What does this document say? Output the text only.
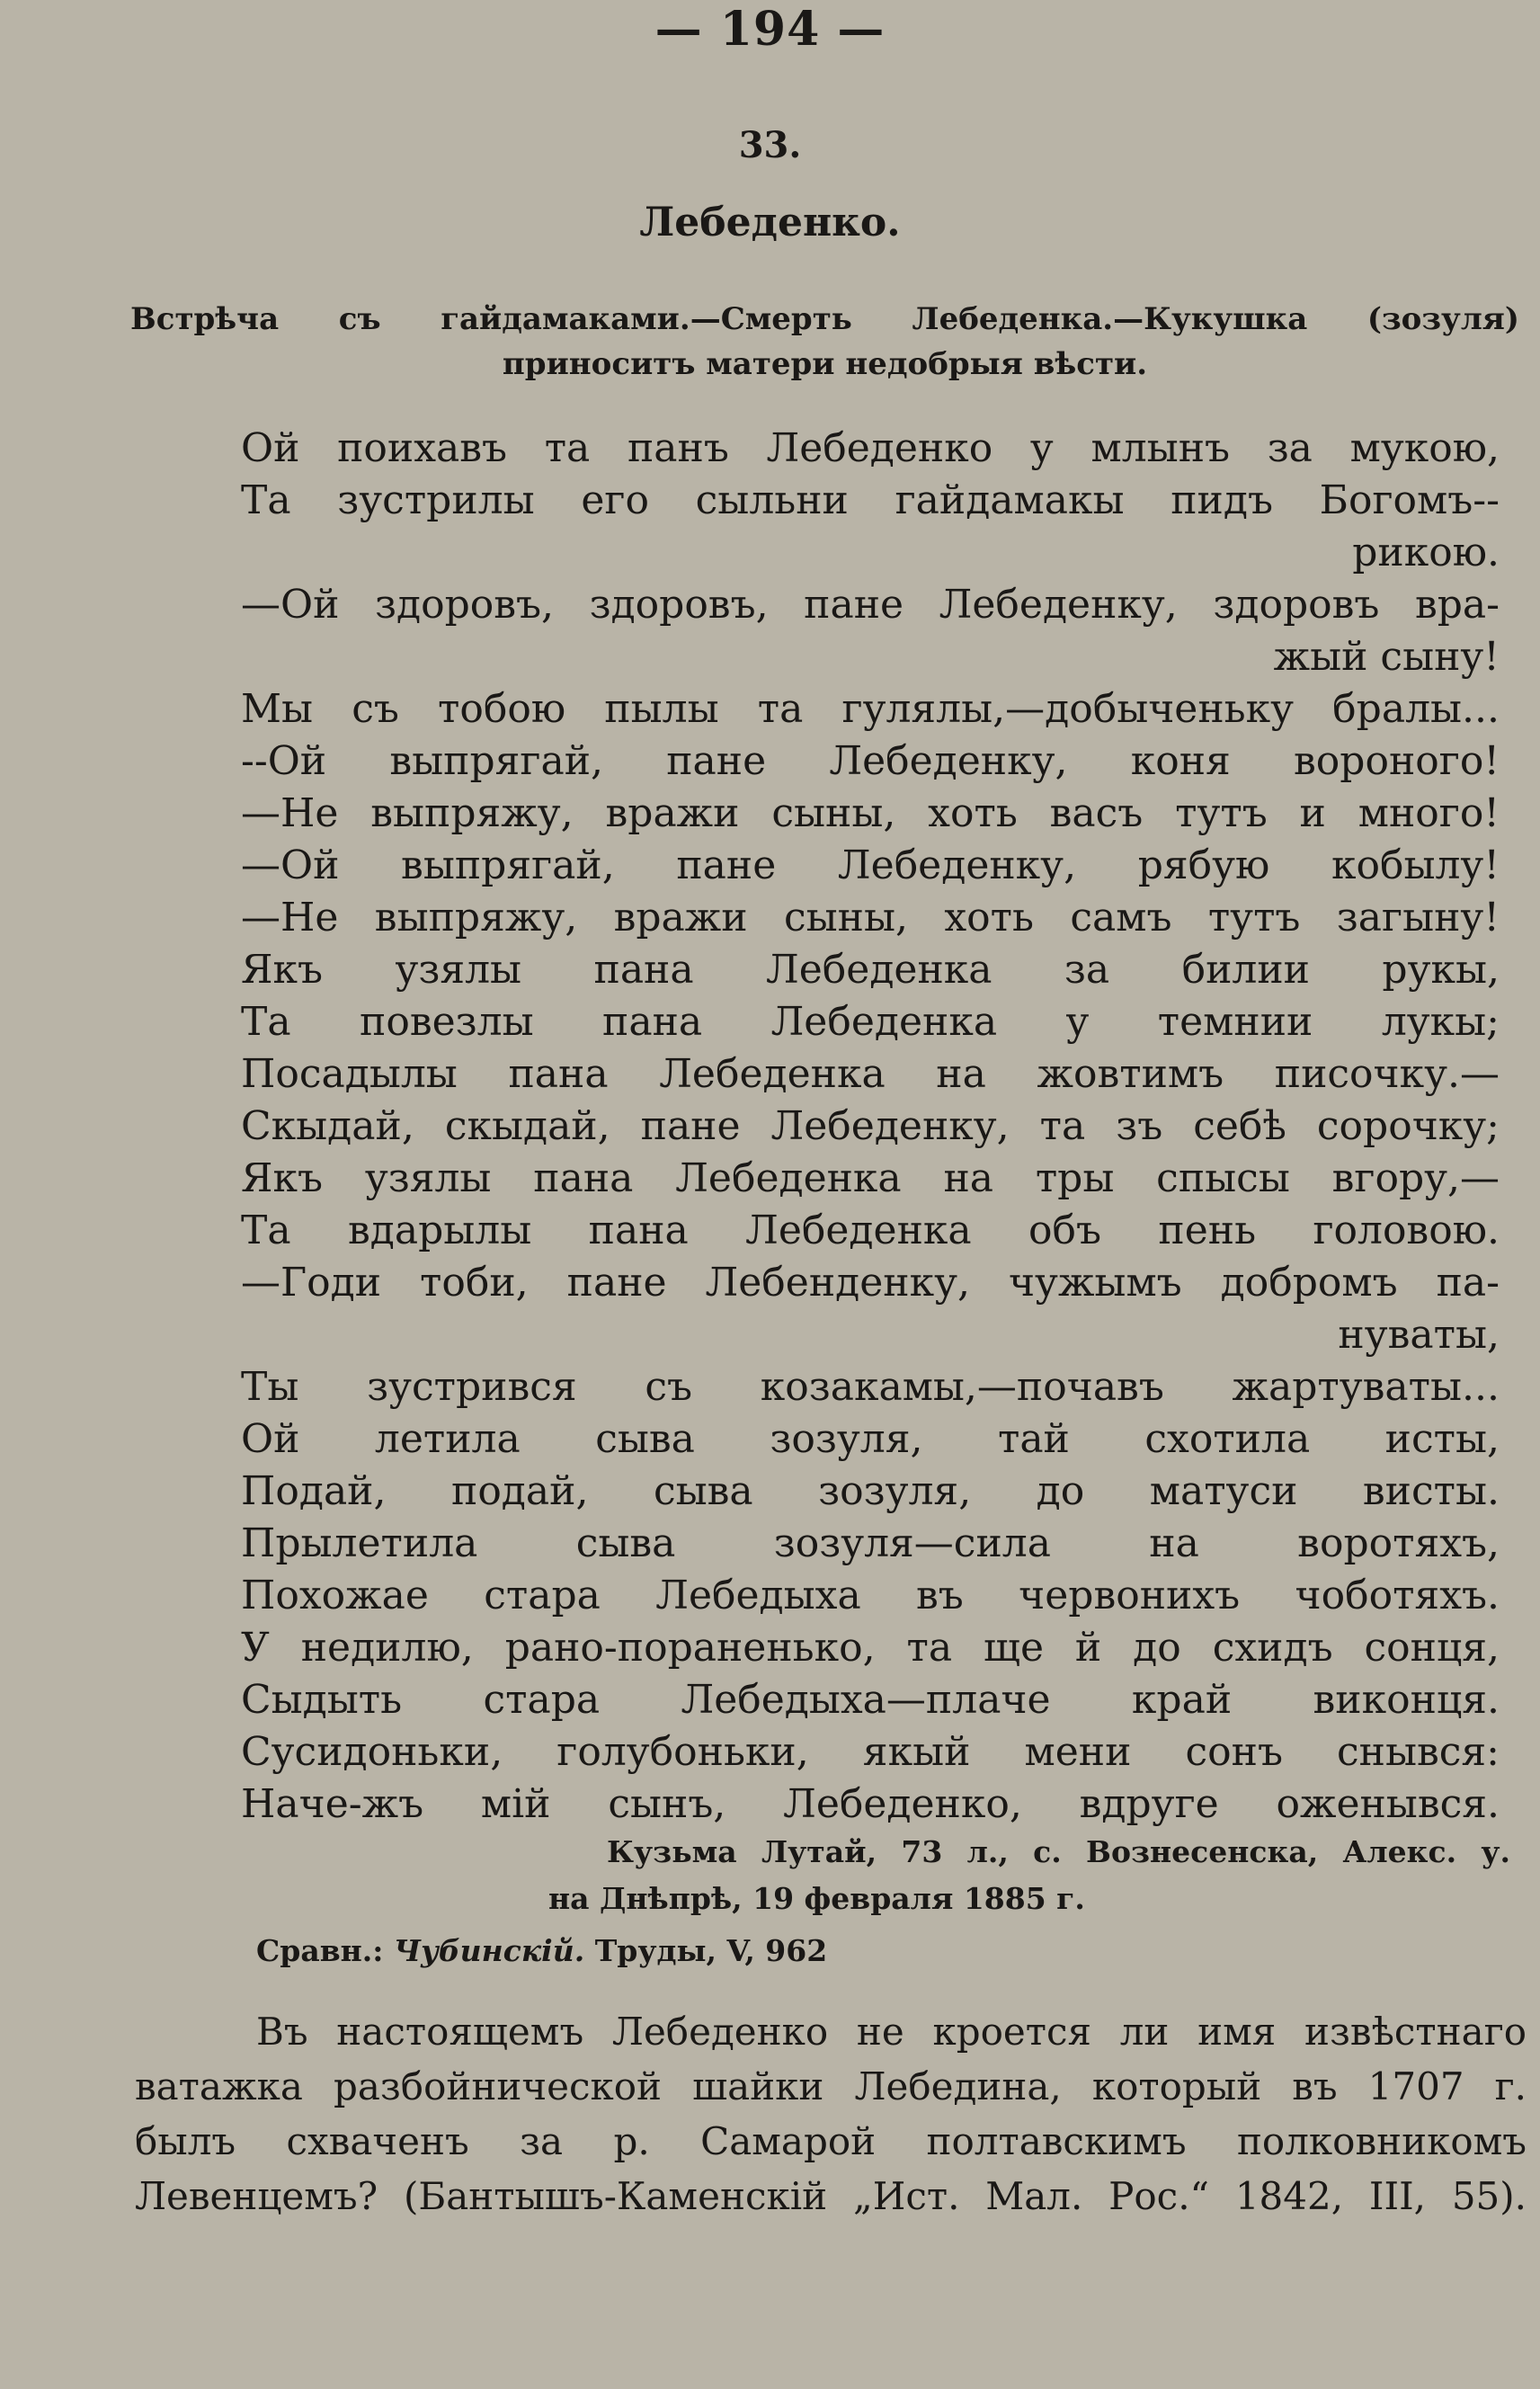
— 194 —
33.
Лебеденко.
Встрѣча съ гайдамаками.—Смерть Лебеденка.—Кукушка (зозуля)
приноситъ матери недобрыя вѣсти.
Ой поихавъ та панъ Лебеденко у млынъ за мукою,
Та зустрилы его сыльни гайдамакы пидъ Богомъ--
рикою.
—Ой здоровъ, здоровъ, пане Лебеденку, здоровъ вра-
жый сыну!
Мы съ тобою пылы та гулялы,—добыченьку бралы...
--Ой выпрягай, пане Лебеденку, коня вороного!
—Не выпряжу, вражи сыны, хоть васъ тутъ и много!
—Ой выпрягай, пане Лебеденку, рябую кобылу!
—Не выпряжу, вражи сыны, хоть самъ тутъ загыну!
Якъ узялы пана Лебеденка за билии рукы,
Та повезлы пана Лебеденка у темнии лукы;
Посадылы пана Лебеденка на жовтимъ писочку.—
Скыдай, скыдай, пане Лебеденку, та зъ себѣ сорочку;
Якъ узялы пана Лебеденка на тры спысы вгору,—
Та вдарылы пана Лебеденка объ пень головою.
—Годи тоби, пане Лебенденку, чужымъ добромъ па-
нуваты,
Ты зустрився съ козакамы,—почавъ жартуваты...
Ой летила сыва зозуля, тай схотила исты,
Подай, подай, сыва зозуля, до матуси висты.
Прылетила сыва зозуля—сила на воротяхъ,
Похожае стара Лебедыха въ червонихъ чоботяхъ.
У недилю, рано-пораненько, та ще й до схидъ сонця,
Сыдыть стара Лебедыха—плаче край виконця.
Сусидоньки, голубоньки, якый мени сонъ снывся:
Наче-жъ мій сынъ, Лебеденко, вдруге оженывся.
Кузьма Лутай, 73 л., с. Вознесенска, Алекс. у.
на Днѣпрѣ, 19 февраля 1885 г.
Сравн.: Чубинскій. Труды, V, 962
Въ настоящемъ Лебеденко не кроется ли имя извѣстнаго
ватажка разбойнической шайки Лебедина, который въ 1707 г.
былъ схваченъ за р. Самарой полтавскимъ полковникомъ
Левенцемъ? (Бантышъ-Каменскій „Ист. Мал. Рос.“ 1842, III, 55).
